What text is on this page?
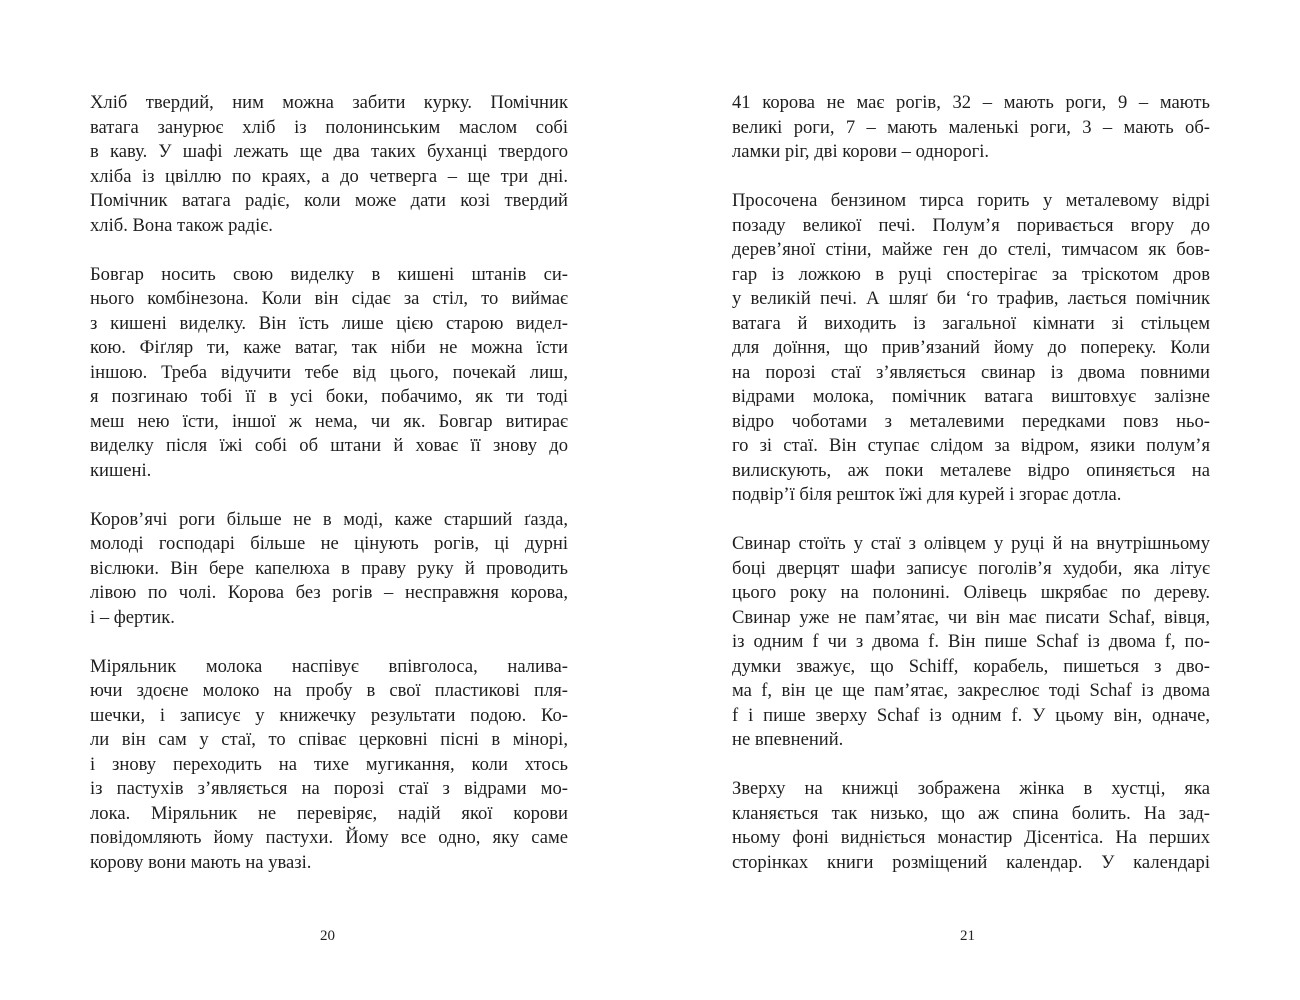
Хліб твердий, ним можна забити курку. Помічник
ватага занурює хліб із полонинським маслом собі
в каву. У шафі лежать ще два таких буханці твердого
хліба із цвіллю по краях, а до четверга – ще три дні.
Помічник ватага радіє, коли може дати козі твердий
хліб. Вона також радіє.
Бовгар носить свою виделку в кишені штанів си-
нього комбінезона. Коли він сідає за стіл, то виймає
з кишені виделку. Він їсть лише цією старою видел-
кою. Фіґляр ти, каже ватаг, так ніби не можна їсти
іншою. Треба відучити тебе від цього, почекай лиш,
я позгинаю тобі її в усі боки, побачимо, як ти тоді
меш нею їсти, іншої ж нема, чи як. Бовгар витирає
виделку після їжі собі об штани й ховає її знову до
кишені.
Коров’ячі роги більше не в моді, каже старший ґазда,
молоді господарі більше не цінують рогів, ці дурні
віслюки. Він бере капелюха в праву руку й проводить
лівою по чолі. Корова без рогів – несправжня корова,
і – фертик.
Міряльник молока наспівує впівголоса, налива-
ючи здоєне молоко на пробу в свої пластикові пля-
шечки, і записує у книжечку результати подою. Ко-
ли він сам у стаї, то співає церковні пісні в мінорі,
і знову переходить на тихе мугикання, коли хтось
із пастухів з’являється на порозі стаї з відрами мо-
лока. Міряльник не перевіряє, надій якої корови
повідомляють йому пастухи. Йому все одно, яку саме
корову вони мають на увазі.
41 корова не має рогів, 32 – мають роги, 9 – мають
великі роги, 7 – мають маленькі роги, 3 – мають об-
ламки ріг, дві корови – однорогі.
Просочена бензином тирса горить у металевому відрі
позаду великої печі. Полум’я поривається вгору до
дерев’яної стіни, майже ген до стелі, тимчасом як бов-
гар із ложкою в руці спостерігає за тріскотом дров
у великій печі. А шляґ би ‘го трафив, лається помічник
ватага й виходить із загальної кімнати зі стільцем
для доїння, що прив’язаний йому до попереку. Коли
на порозі стаї з’являється свинар із двома повними
відрами молока, помічник ватага виштовхує залізне
відро чоботами з металевими передками повз ньо-
го зі стаї. Він ступає слідом за відром, язики полум’я
вилискують, аж поки металеве відро опиняється на
подвір’ї біля решток їжі для курей і згорає дотла.
Свинар стоїть у стаї з олівцем у руці й на внутрішньому
боці дверцят шафи записує поголів’я худоби, яка літує
цього року на полонині. Олівець шкрябає по дереву.
Свинар уже не пам’ятає, чи він має писати Schaf, вівця,
із одним f чи з двома f. Він пише Schaf із двома f, по-
думки зважує, що Schiff, корабель, пишеться з дво-
ма f, він це ще пам’ятає, закреслює тоді Schaf із двома
f і пише зверху Schaf із одним f. У цьому він, одначе,
не впевнений.
Зверху на книжці зображена жінка в хустці, яка
кланяється так низько, що аж спина болить. На зад-
ньому фоні видніється монастир Дісентіса. На перших
сторінках книги розміщений календар. У календарі
20	21
